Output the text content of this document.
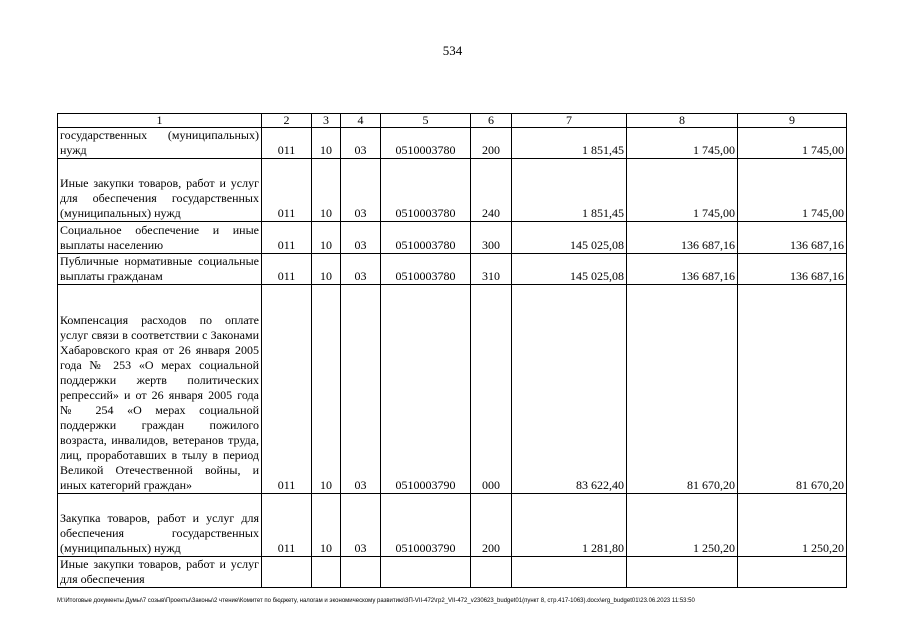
534
1	2	3	4	5	6	7	8	9
государственных (муниципальных) нужд	011	10	03	0510003780	200	1 851,45	1 745,00	1 745,00
Иные закупки товаров, работ и услуг для обеспечения государственных (муниципальных) нужд	011	10	03	0510003780	240	1 851,45	1 745,00	1 745,00
Социальное обеспечение и иные выплаты населению	011	10	03	0510003780	300	145 025,08	136 687,16	136 687,16
Публичные нормативные социальные выплаты гражданам	011	10	03	0510003780	310	145 025,08	136 687,16	136 687,16
Компенсация расходов по оплате услуг связи в соответствии с Законами Хабаровского края от 26 января 2005 года № 253 «О мерах социальной поддержки жертв политических репрессий» и от 26 января 2005 года № 254 «О мерах социальной поддержки граждан пожилого возраста, инвалидов, ветеранов труда, лиц, проработавших в тылу в период Великой Отечественной войны, и иных категорий граждан»	011	10	03	0510003790	000	83 622,40	81 670,20	81 670,20
Закупка товаров, работ и услуг для обеспечения государственных (муниципальных) нужд	011	10	03	0510003790	200	1 281,80	1 250,20	1 250,20
Иные закупки товаров, работ и услуг для обеспечения								
M:\Итоговые документы Думы\7 созыв\Проекты\Законы\2 чтение\Комитет по бюджету, налогам и экономическому развитию\3П-VII-472\гр2_VII-472_v230623_budget01(пункт 8, стр.417-1063).docx\erg_budget01\23.06.2023 11:53:50
